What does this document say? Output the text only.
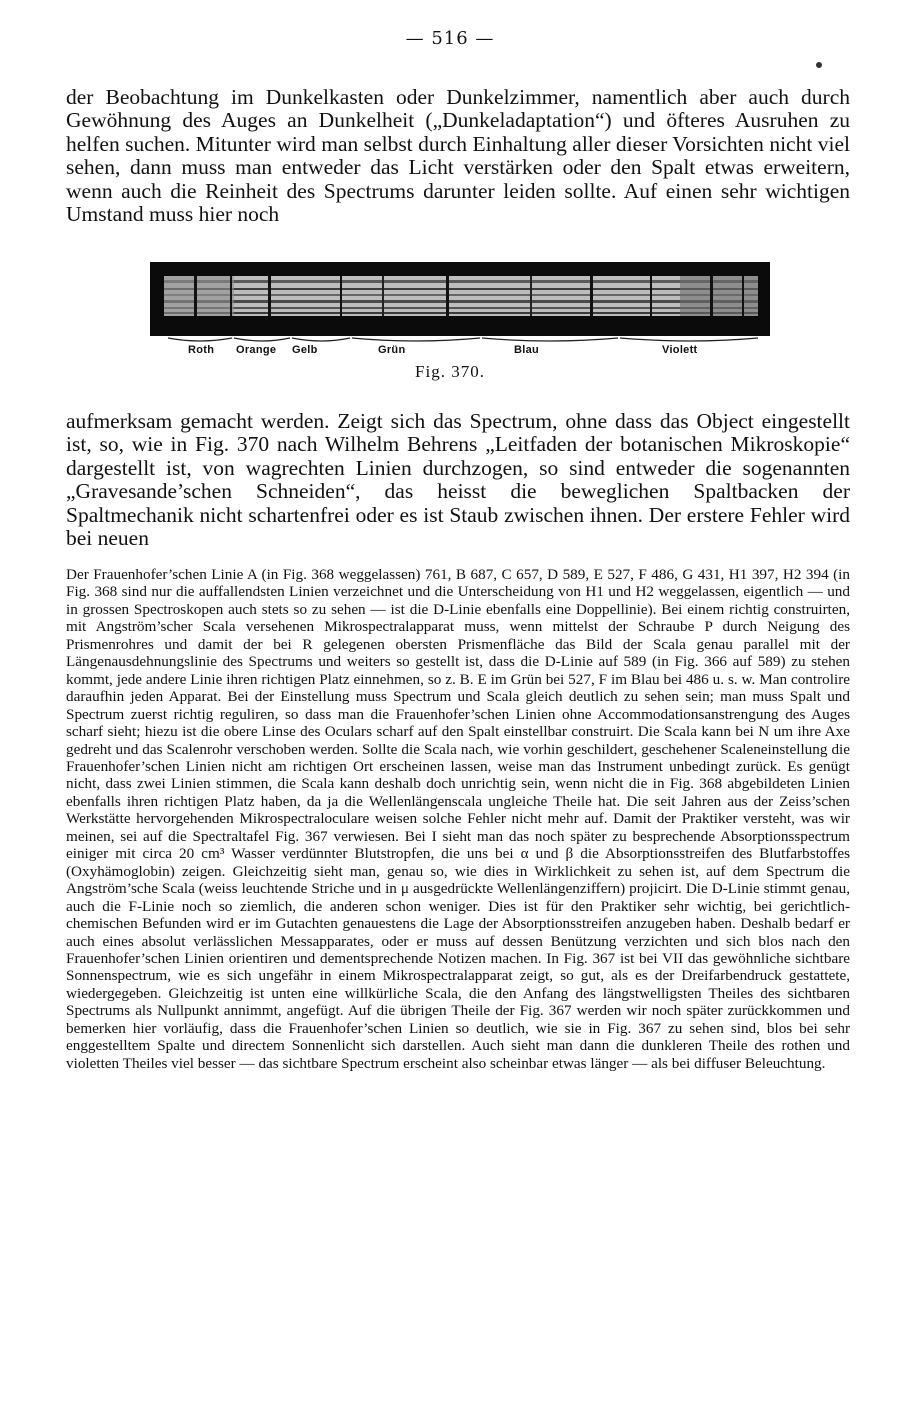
— 516 —

der Beobachtung im Dunkelkasten oder Dunkelzimmer, namentlich aber auch durch Gewöhnung des Auges an Dunkelheit („Dunkeladaptation“) und öfteres Ausruhen zu helfen suchen. Mitunter wird man selbst durch Einhaltung aller dieser Vorsichten nicht viel sehen, dann muss man entweder das Licht verstärken oder den Spalt etwas erweitern, wenn auch die Reinheit des Spectrums darunter leiden sollte. Auf einen sehr wichtigen Umstand muss hier noch

Roth Orange Gelb	Grün	Blau	Violett
Fig. 370.

aufmerksam gemacht werden. Zeigt sich das Spectrum, ohne dass das Object eingestellt ist, so, wie in Fig. 370 nach Wilhelm Behrens „Leitfaden der botanischen Mikroskopie“ dargestellt ist, von wagrechten Linien durchzogen, so sind entweder die sogenannten „Gravesande’schen Schneiden“, das heisst die beweglichen Spaltbacken der Spaltmechanik nicht schartenfrei oder es ist Staub zwischen ihnen. Der erstere Fehler wird bei neuen

Der Frauenhofer’schen Linie A (in Fig. 368 weggelassen) 761, B 687, C 657, D 589, E 527, F 486, G 431, H1 397, H2 394 (in Fig. 368 sind nur die auffallendsten Linien verzeichnet und die Unterscheidung von H1 und H2 weggelassen, eigentlich — und in grossen Spectroskopen auch stets so zu sehen — ist die D-Linie ebenfalls eine Doppellinie). Bei einem richtig construirten, mit Angström’scher Scala versehenen Mikrospectralapparat muss, wenn mittelst der Schraube P durch Neigung des Prismenrohres und damit der bei R gelegenen obersten Prismenfläche das Bild der Scala genau parallel mit der Längenausdehnungslinie des Spectrums und weiters so gestellt ist, dass die D-Linie auf 589 (in Fig. 366 auf 589) zu stehen kommt, jede andere Linie ihren richtigen Platz einnehmen, so z. B. E im Grün bei 527, F im Blau bei 486 u. s. w. Man controlire daraufhin jeden Apparat. Bei der Einstellung muss Spectrum und Scala gleich deutlich zu sehen sein; man muss Spalt und Spectrum zuerst richtig reguliren, so dass man die Frauenhofer’schen Linien ohne Accommodationsanstrengung des Auges scharf sieht; hiezu ist die obere Linse des Oculars scharf auf den Spalt einstellbar construirt. Die Scala kann bei N um ihre Axe gedreht und das Scalenrohr verschoben werden. Sollte die Scala nach, wie vorhin geschildert, geschehener Scaleneinstellung die Frauenhofer’schen Linien nicht am richtigen Ort erscheinen lassen, weise man das Instrument unbedingt zurück. Es genügt nicht, dass zwei Linien stimmen, die Scala kann deshalb doch unrichtig sein, wenn nicht die in Fig. 368 abgebildeten Linien ebenfalls ihren richtigen Platz haben, da ja die Wellenlängenscala ungleiche Theile hat. Die seit Jahren aus der Zeiss’schen Werkstätte hervorgehenden Mikrospectraloculare weisen solche Fehler nicht mehr auf. Damit der Praktiker versteht, was wir meinen, sei auf die Spectraltafel Fig. 367 verwiesen. Bei I sieht man das noch später zu besprechende Absorptionsspectrum einiger mit circa 20 cm³ Wasser verdünnter Blutstropfen, die uns bei α und β die Absorptionsstreifen des Blutfarbstoffes (Oxyhämoglobin) zeigen. Gleichzeitig sieht man, genau so, wie dies in Wirklichkeit zu sehen ist, auf dem Spectrum die Angström’sche Scala (weiss leuchtende Striche und in μ ausgedrückte Wellenlängenziffern) projicirt. Die D-Linie stimmt genau, auch die F-Linie noch so ziemlich, die anderen schon weniger. Dies ist für den Praktiker sehr wichtig, bei gerichtlich-chemischen Befunden wird er im Gutachten genauestens die Lage der Absorptionsstreifen anzugeben haben. Deshalb bedarf er auch eines absolut verlässlichen Messapparates, oder er muss auf dessen Benützung verzichten und sich blos nach den Frauenhofer’schen Linien orientiren und dementsprechende Notizen machen. In Fig. 367 ist bei VII das gewöhnliche sichtbare Sonnenspectrum, wie es sich ungefähr in einem Mikrospectralapparat zeigt, so gut, als es der Dreifarbendruck gestattete, wiedergegeben. Gleichzeitig ist unten eine willkürliche Scala, die den Anfang des längstwelligsten Theiles des sichtbaren Spectrums als Nullpunkt annimmt, angefügt. Auf die übrigen Theile der Fig. 367 werden wir noch später zurückkommen und bemerken hier vorläufig, dass die Frauenhofer’schen Linien so deutlich, wie sie in Fig. 367 zu sehen sind, blos bei sehr enggestelltem Spalte und directem Sonnenlicht sich darstellen. Auch sieht man dann die dunkleren Theile des rothen und violetten Theiles viel besser — das sichtbare Spectrum erscheint also scheinbar etwas länger — als bei diffuser Beleuchtung.
